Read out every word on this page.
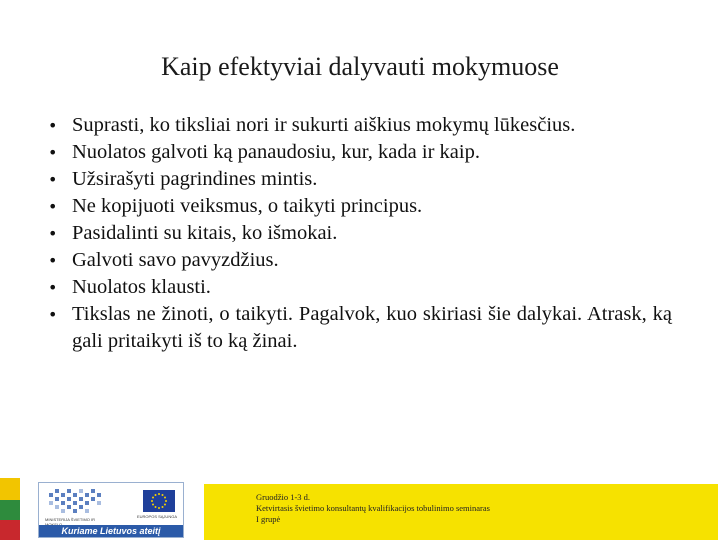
Kaip efektyviai dalyvauti mokymuose
• Suprasti, ko tiksliai nori ir sukurti aiškius mokymų lūkesčius.
• Nuolatos galvoti ką panaudosiu, kur, kada ir kaip.
• Užsirašyti pagrindines mintis.
• Ne kopijuoti veiksmus, o taikyti principus.
• Pasidalinti su kitais, ko išmokai.
• Galvoti savo pavyzdžius.
• Nuolatos klausti.
• Tikslas ne žinoti, o taikyti. Pagalvok, kuo skiriasi šie dalykai. Atrask, ką gali pritaikyti iš to ką žinai.
MINISTERIJA ŠVIETIMO IR
EUROPOS SĄJUNGA
Kuriame Lietuvos ateitį
Gruodžio 1-3 d.
Ketvirtasis švietimo konsultantų kvalifikacijos tobulinimo seminaras
I grupė
